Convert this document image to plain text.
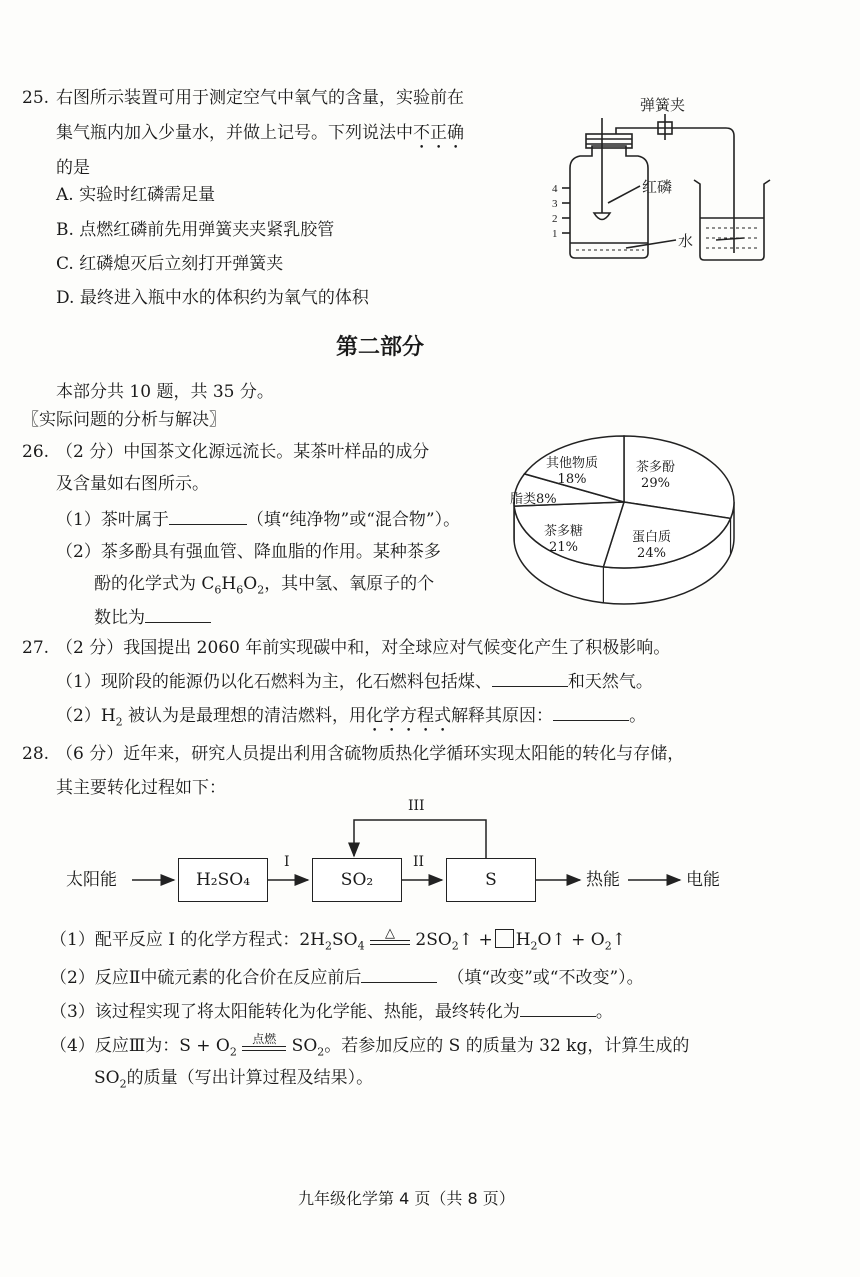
25. 右图所示装置可用于测定空气中氧气的含量，实验前在
集气瓶内加入少量水，并做上记号。下列说法中不正确
的是
A. 实验时红磷需足量
B. 点燃红磷前先用弹簧夹夹紧乳胶管
C. 红磷熄灭后立刻打开弹簧夹
D. 最终进入瓶中水的体积约为氧气的体积
4
3
2
1
弹簧夹
红磷
水
第二部分
本部分共 10 题，共 35 分。
〖实际问题的分析与解决〗
26. （2 分）中国茶文化源远流长。某茶叶样品的成分
及含量如右图所示。
（1）茶叶属于	（填“纯净物”或“混合物”）。
（2）茶多酚具有强血管、降血脂的作用。某种茶多
酚的化学式为 $C_6H_6O_2$，其中氢、氧原子的个
数比为
其他物质
18%
茶多酚
29%
脂类8%
茶多糖
21%
蛋白质
24%
27. （2 分）我国提出 2060 年前实现碳中和，对全球应对气候变化产生了积极影响。
（1）现阶段的能源仍以化石燃料为主，化石燃料包括煤、	和天然气。
$(2)H_2$ 被认为是最理想的清洁燃料，用化学方程式解释其原因：	。
28. （6 分）近年来，研究人员提出利用含硫物质热化学循环实现太阳能的转化与存储，
其主要转化过程如下：
太阳能	H₂SO₄	SO₂	S
I	II
III
热能	电能
（1）配平反应 I 的化学方程式：$2H_2SO_4$
△	$2SO_2↑$ + $H_2O↑$ + $O_2↑$
（2）反应Ⅱ中硫元素的化合价在反应前后	（填“改变”或“不改变”）。
（3）该过程实现了将太阳能转化为化学能、热能，最终转化为	。
（4）反应Ⅲ为：$S + O_2$
点燃 $SO_2$。若参加反应的 S 的质量为 32 kg，计算生成的
$SO_2$的质量（写出计算过程及结果）。
九年级化学第 4 页（共 8 页）
